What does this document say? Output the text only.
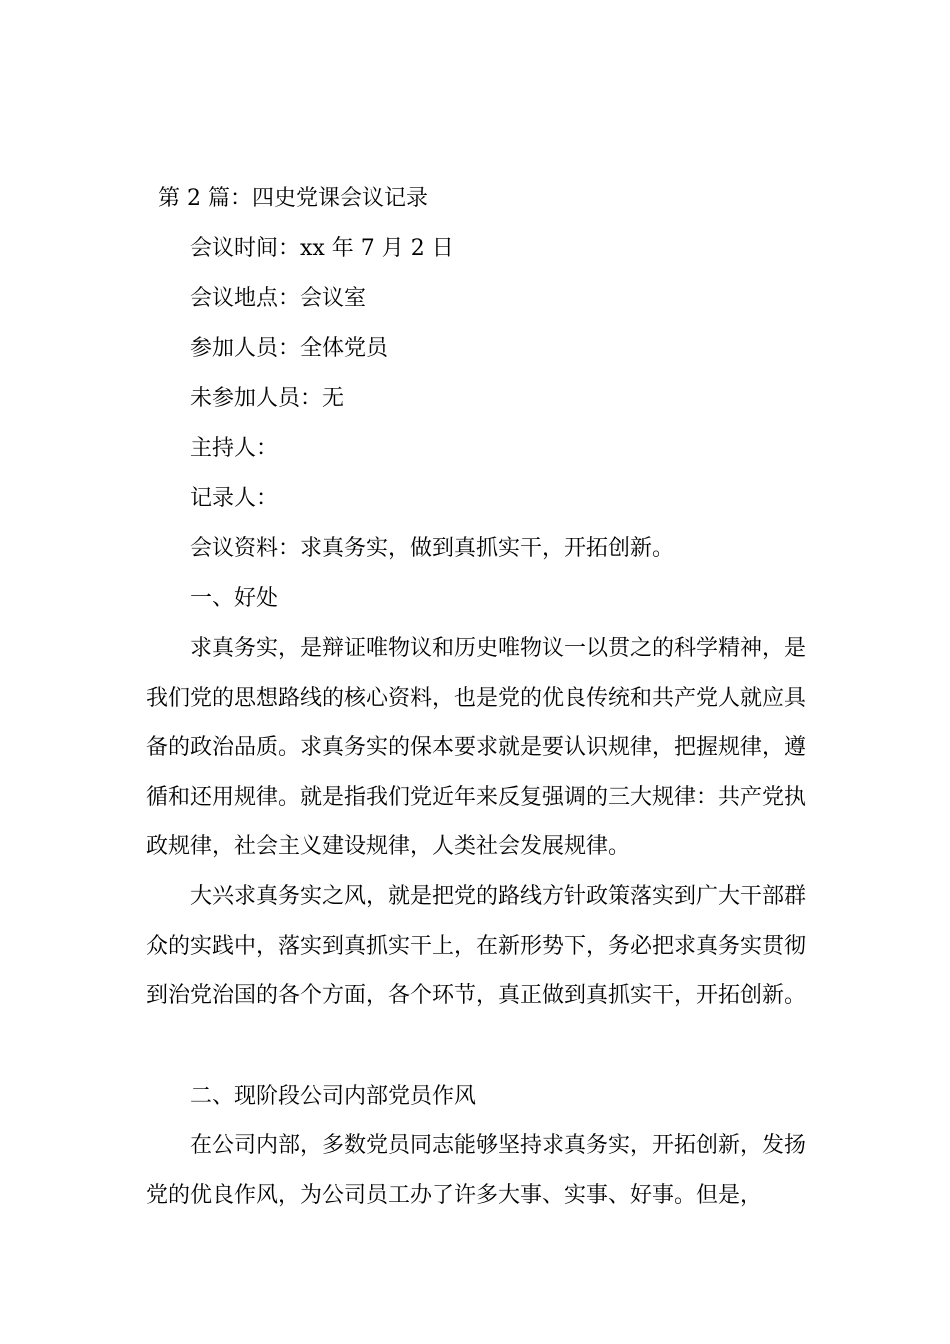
第 2 篇：四史党课会议记录
会议时间：xx 年 7 月 2 日
会议地点：会议室
参加人员：全体党员
未参加人员：无
主持人：
记录人：
会议资料：求真务实，做到真抓实干，开拓创新。
一、好处
求真务实，是辩证唯物议和历史唯物议一以贯之的科学精神，是我们党的思想路线的核心资料，也是党的优良传统和共产党人就应具备的政治品质。求真务实的保本要求就是要认识规律，把握规律，遵循和还用规律。就是指我们党近年来反复强调的三大规律：共产党执政规律，社会主义建设规律，人类社会发展规律。
大兴求真务实之风，就是把党的路线方针政策落实到广大干部群众的实践中，落实到真抓实干上，在新形势下，务必把求真务实贯彻到治党治国的各个方面，各个环节，真正做到真抓实干，开拓创新。
二、现阶段公司内部党员作风
在公司内部，多数党员同志能够坚持求真务实，开拓创新，发扬党的优良作风，为公司员工办了许多大事、实事、好事。但是，
